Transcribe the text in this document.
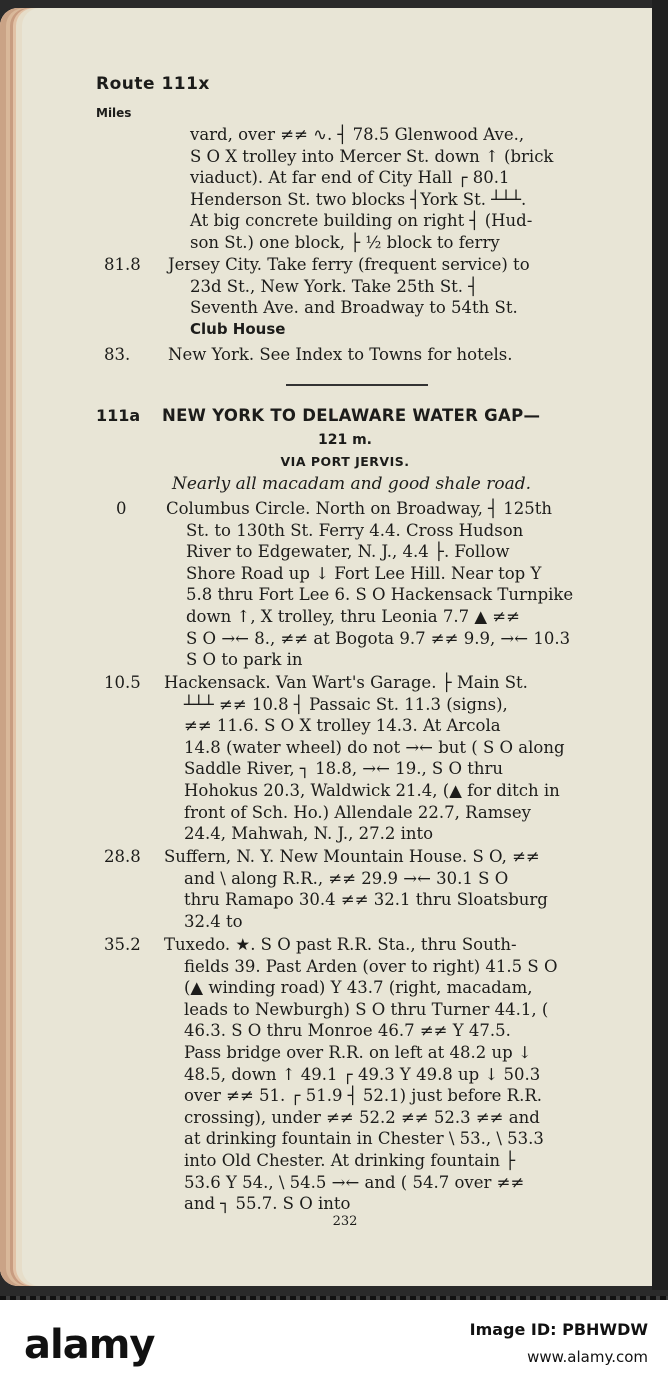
Route 111x
Miles
vard, over ≠≠ ∿. ┤ 78.5 Glenwood Ave.,
S O X trolley into Mercer St. down ↑ (brick
viaduct). At far end of City Hall ┌ 80.1
Henderson St. two blocks ┤York St. ┴┴┴.
At big concrete building on right ┤ (Hud-
son St.) one block, ├ ½ block to ferry
81.8 Jersey City. Take ferry (frequent service) to
23d St., New York. Take 25th St. ┤
Seventh Ave. and Broadway to 54th St.
Club House
83. New York. See Index to Towns for hotels.
111a NEW YORK TO DELAWARE WATER GAP—
121 m.
VIA PORT JERVIS.
Nearly all macadam and good shale road.
0 Columbus Circle. North on Broadway, ┤ 125th
St. to 130th St. Ferry 4.4. Cross Hudson
River to Edgewater, N. J., 4.4 ├. Follow
Shore Road up ↓ Fort Lee Hill. Near top Y
5.8 thru Fort Lee 6. S O Hackensack Turnpike
down ↑, X trolley, thru Leonia 7.7 ▲ ≠≠
S O →← 8., ≠≠ at Bogota 9.7 ≠≠ 9.9, →← 10.3
S O to park in
10.5 Hackensack. Van Wart's Garage. ├ Main St.
┴┴┴ ≠≠ 10.8 ┤ Passaic St. 11.3 (signs),
≠≠ 11.6. S O X trolley 14.3. At Arcola
14.8 (water wheel) do not →← but ( S O along
Saddle River, ┐ 18.8, →← 19., S O thru
Hohokus 20.3, Waldwick 21.4, (▲ for ditch in
front of Sch. Ho.) Allendale 22.7, Ramsey
24.4, Mahwah, N. J., 27.2 into
28.8 Suffern, N. Y. New Mountain House. S O, ≠≠
and \ along R.R., ≠≠ 29.9 →← 30.1 S O
thru Ramapo 30.4 ≠≠ 32.1 thru Sloatsburg
32.4 to
35.2 Tuxedo. ★. S O past R.R. Sta., thru South-
fields 39. Past Arden (over to right) 41.5 S O
(▲ winding road) Y 43.7 (right, macadam,
leads to Newburgh) S O thru Turner 44.1, (
46.3. S O thru Monroe 46.7 ≠≠ Y 47.5.
Pass bridge over R.R. on left at 48.2 up ↓
48.5, down ↑ 49.1 ┌ 49.3 Y 49.8 up ↓ 50.3
over ≠≠ 51. ┌ 51.9 ┤ 52.1) just before R.R.
crossing), under ≠≠ 52.2 ≠≠ 52.3 ≠≠ and
at drinking fountain in Chester \ 53., \ 53.3
into Old Chester. At drinking fountain ├
53.6 Y 54., \ 54.5 →← and ( 54.7 over ≠≠
and ┐ 55.7. S O into
232
alamy	Image ID: PBHWDW
www.alamy.com
